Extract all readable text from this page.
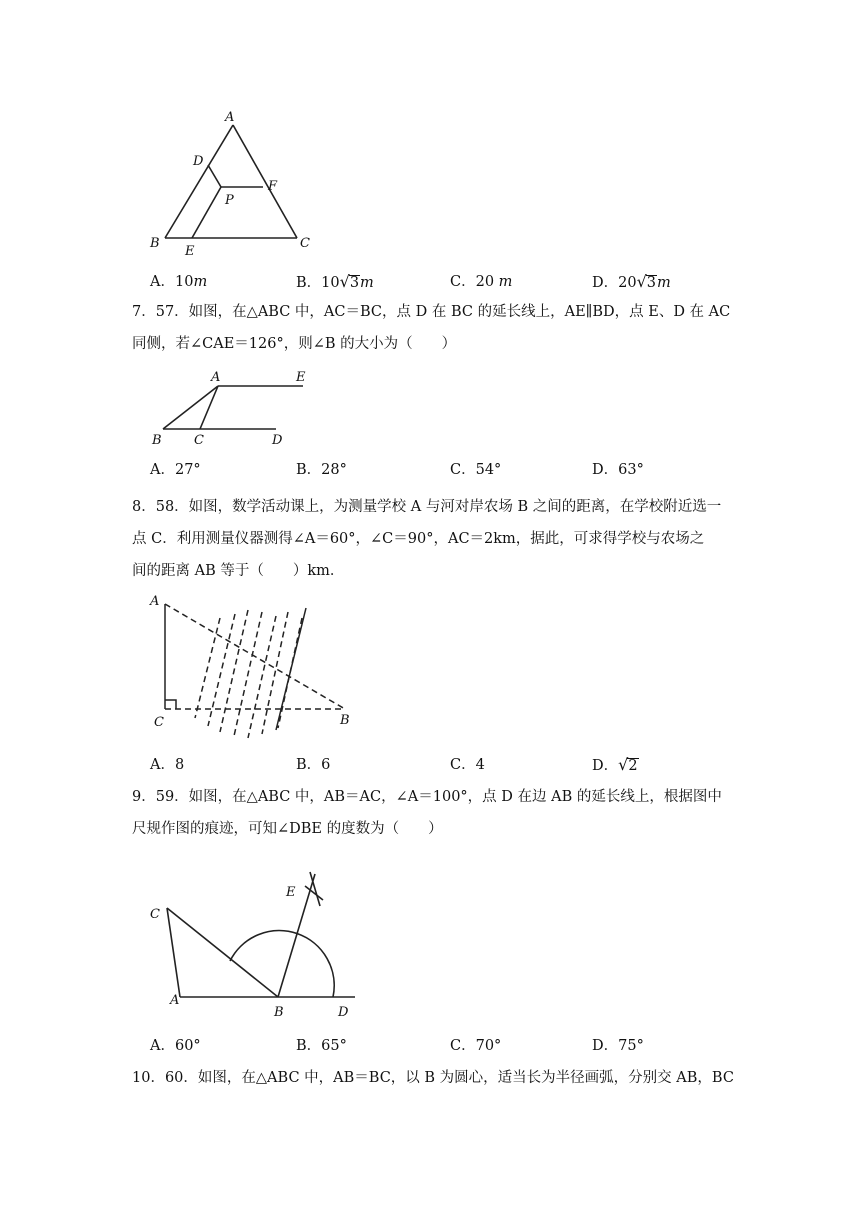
A
D
F
P
B
E
C
A．10m	B．10√3m	C．20 m	D．20√3m
7．57．如图，在△ABC 中，AC＝BC，点 D 在 BC 的延长线上，AE∥BD，点 E、D 在 AC
同侧，若∠CAE＝126°，则∠B 的大小为（　　）
A	E
B C	D
A．27°	B．28°	C．54°	D．63°
8．58．如图，数学活动课上，为测量学校 A 与河对岸农场 B 之间的距离，在学校附近选一
点 C．利用测量仪器测得∠A＝60°，∠C＝90°，AC＝2km，据此，可求得学校与农场之
间的距离 AB 等于（　　）km．
A
C	B
A．8	B．6	C．4	D．√2
9．59．如图，在△ABC 中，AB＝AC，∠A＝100°，点 D 在边 AB 的延长线上，根据图中
尺规作图的痕迹，可知∠DBE 的度数为（　　）
C
E
A
B	D
A．60°	B．65°	C．70°	D．75°
10．60．如图，在△ABC 中，AB＝BC，以 B 为圆心，适当长为半径画弧，分别交 AB，BC
